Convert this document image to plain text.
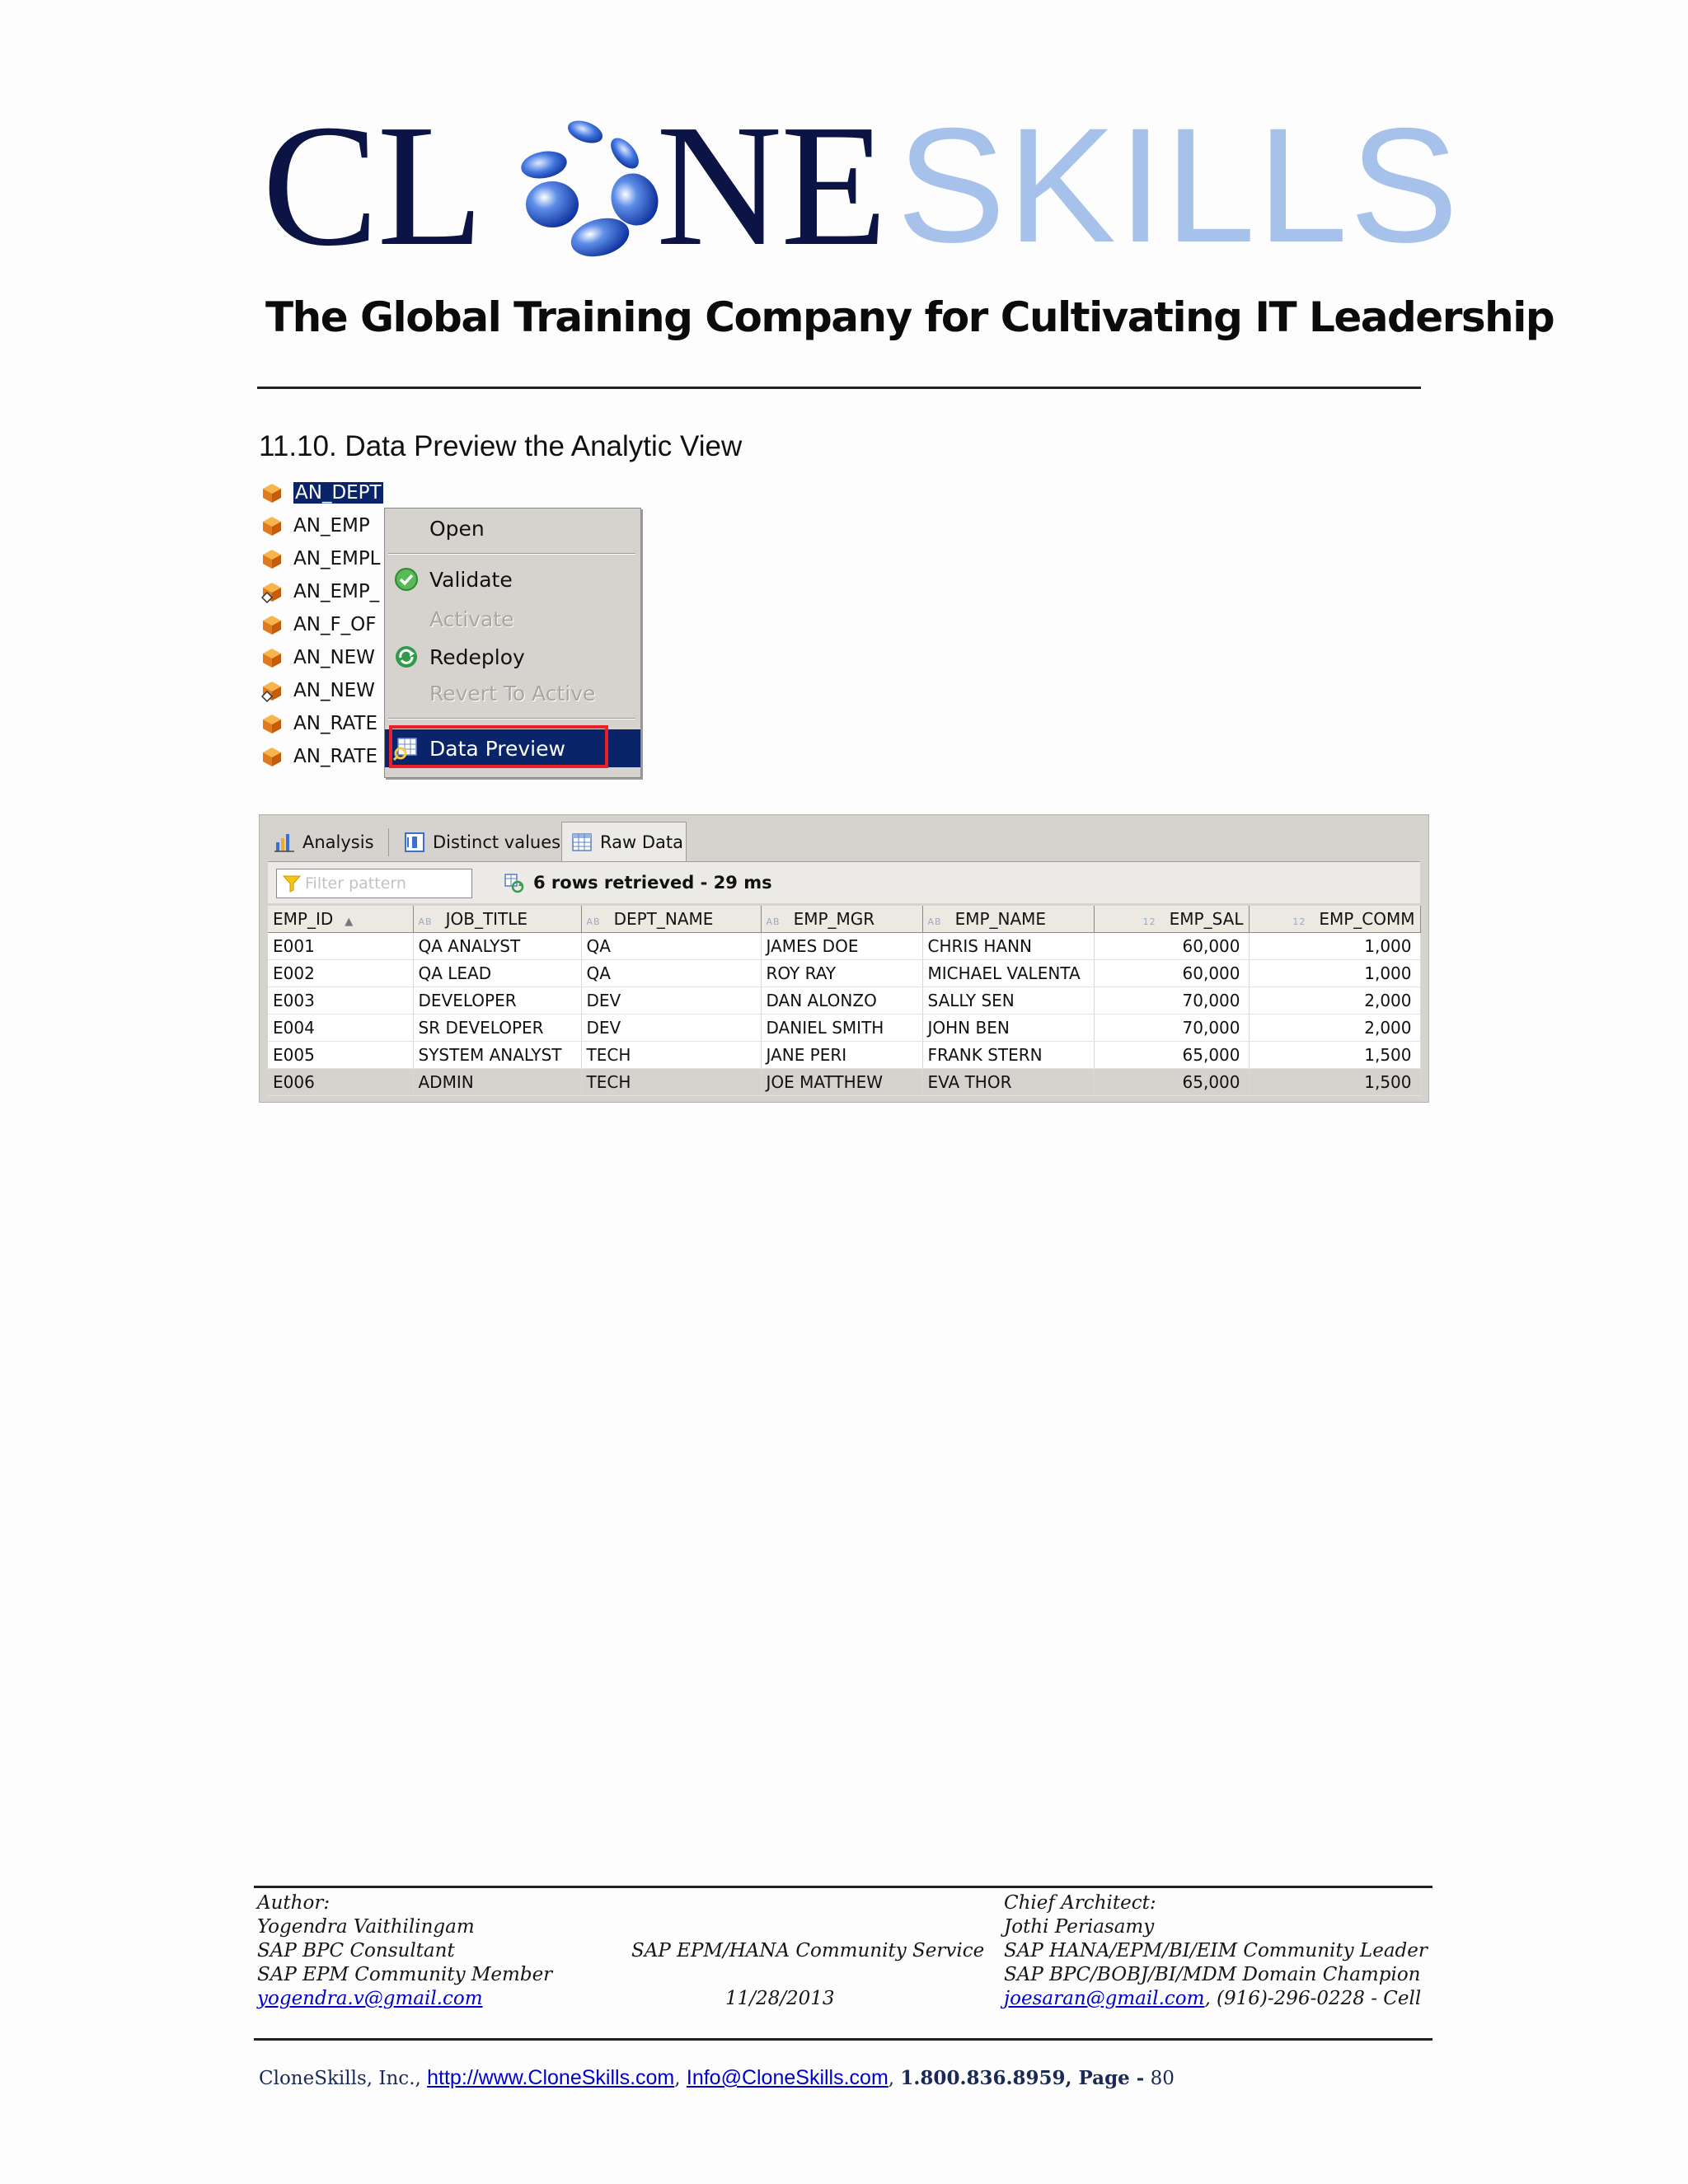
CL NE SKILLS
The Global Training Company for Cultivating IT Leadership
11.10. Data Preview the Analytic View
AN_DEPT
AN_EMP
AN_EMPL
AN_EMP_
AN_F_OF
AN_NEW
AN_NEW
AN_RATE
AN_RATE
Open
Validate
Activate
Redeploy
Revert To Active
Data Preview
Analysis	Distinct values Raw Data
Filter pattern	6 rows retrieved - 29 ms
EMP_ID ▲	AB JOB_TITLE	AB DEPT_NAME	AB EMP_MGR	AB EMP_NAME	12 EMP_SAL	12 EMP_COMM
E001	QA ANALYST	QA	JAMES DOE	CHRIS HANN	60,000	1,000
E002	QA LEAD	QA	ROY RAY	MICHAEL VALENTA	60,000	1,000
E003	DEVELOPER	DEV	DAN ALONZO	SALLY SEN	70,000	2,000
E004	SR DEVELOPER	DEV	DANIEL SMITH	JOHN BEN	70,000	2,000
E005	SYSTEM ANALYST	TECH	JANE PERI	FRANK STERN	65,000	1,500
E006	ADMIN	TECH	JOE MATTHEW	EVA THOR	65,000	1,500
Author:
Yogendra Vaithilingam
SAP BPC Consultant
SAP EPM Community Member
yogendra.v@gmail.com
SAP EPM/HANA Community Service
11/28/2013
Chief Architect:
Jothi Periasamy
SAP HANA/EPM/BI/EIM Community Leader
SAP BPC/BOBJ/BI/MDM Domain Champion
joesaran@gmail.com, (916)-296-0228 - Cell
CloneSkills, Inc., http://www.CloneSkills.com, Info@CloneSkills.com, 1.800.836.8959, Page - 80
